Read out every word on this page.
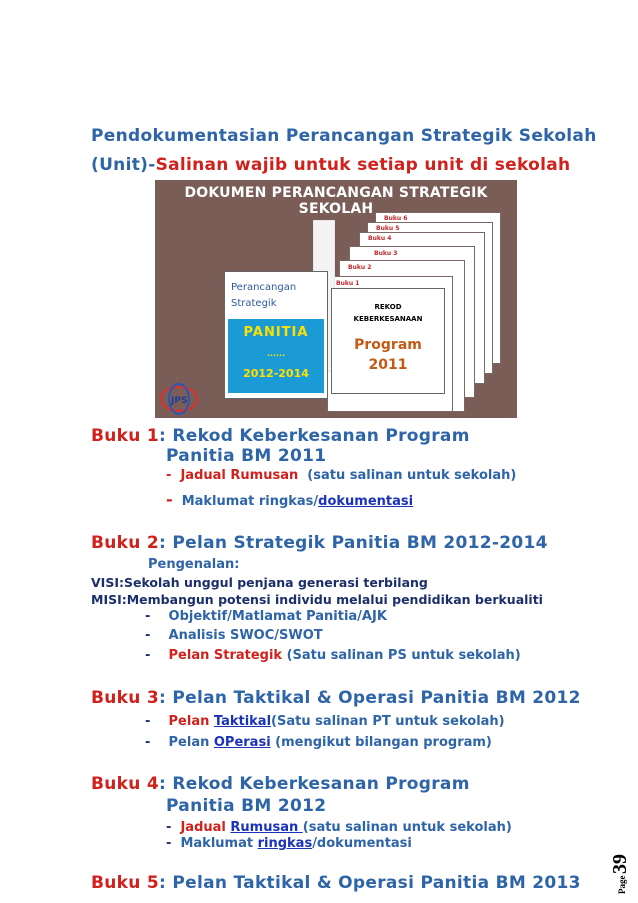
Pendokumentasian Perancangan Strategik Sekolah
(Unit)-Salinan wajib untuk setiap unit di sekolah
DOKUMEN PERANCANGAN STRATEGIK SEKOLAH
Buku 6
Buku 5
Buku 4
Buku 3
Buku 2
Buku 1
Perancangan
Strategik
PANITIA
......
2012-2014
REKOD
KEBERKESANAAN
Program
2011
JPS
Buku 1: Rekod Keberkesanan Program
Panitia BM 2011
- Jadual Rumusan (satu salinan untuk sekolah)
- Maklumat ringkas/dokumentasi
Buku 2: Pelan Strategik Panitia BM 2012-2014
Pengenalan:
VISI:Sekolah unggul penjana generasi terbilang
MISI:Membangun potensi individu melalui pendidikan berkualiti
- Objektif/Matlamat Panitia/AJK
- Analisis SWOC/SWOT
- Pelan Strategik (Satu salinan PS untuk sekolah)
Buku 3: Pelan Taktikal & Operasi Panitia BM 2012
- Pelan Taktikal(Satu salinan PT untuk sekolah)
- Pelan OPerasi (mengikut bilangan program)
Buku 4: Rekod Keberkesanan Program
Panitia BM 2012
- Jadual Rumusan (satu salinan untuk sekolah)
- Maklumat ringkas/dokumentasi
Buku 5: Pelan Taktikal & Operasi Panitia BM 2013	Page
39
